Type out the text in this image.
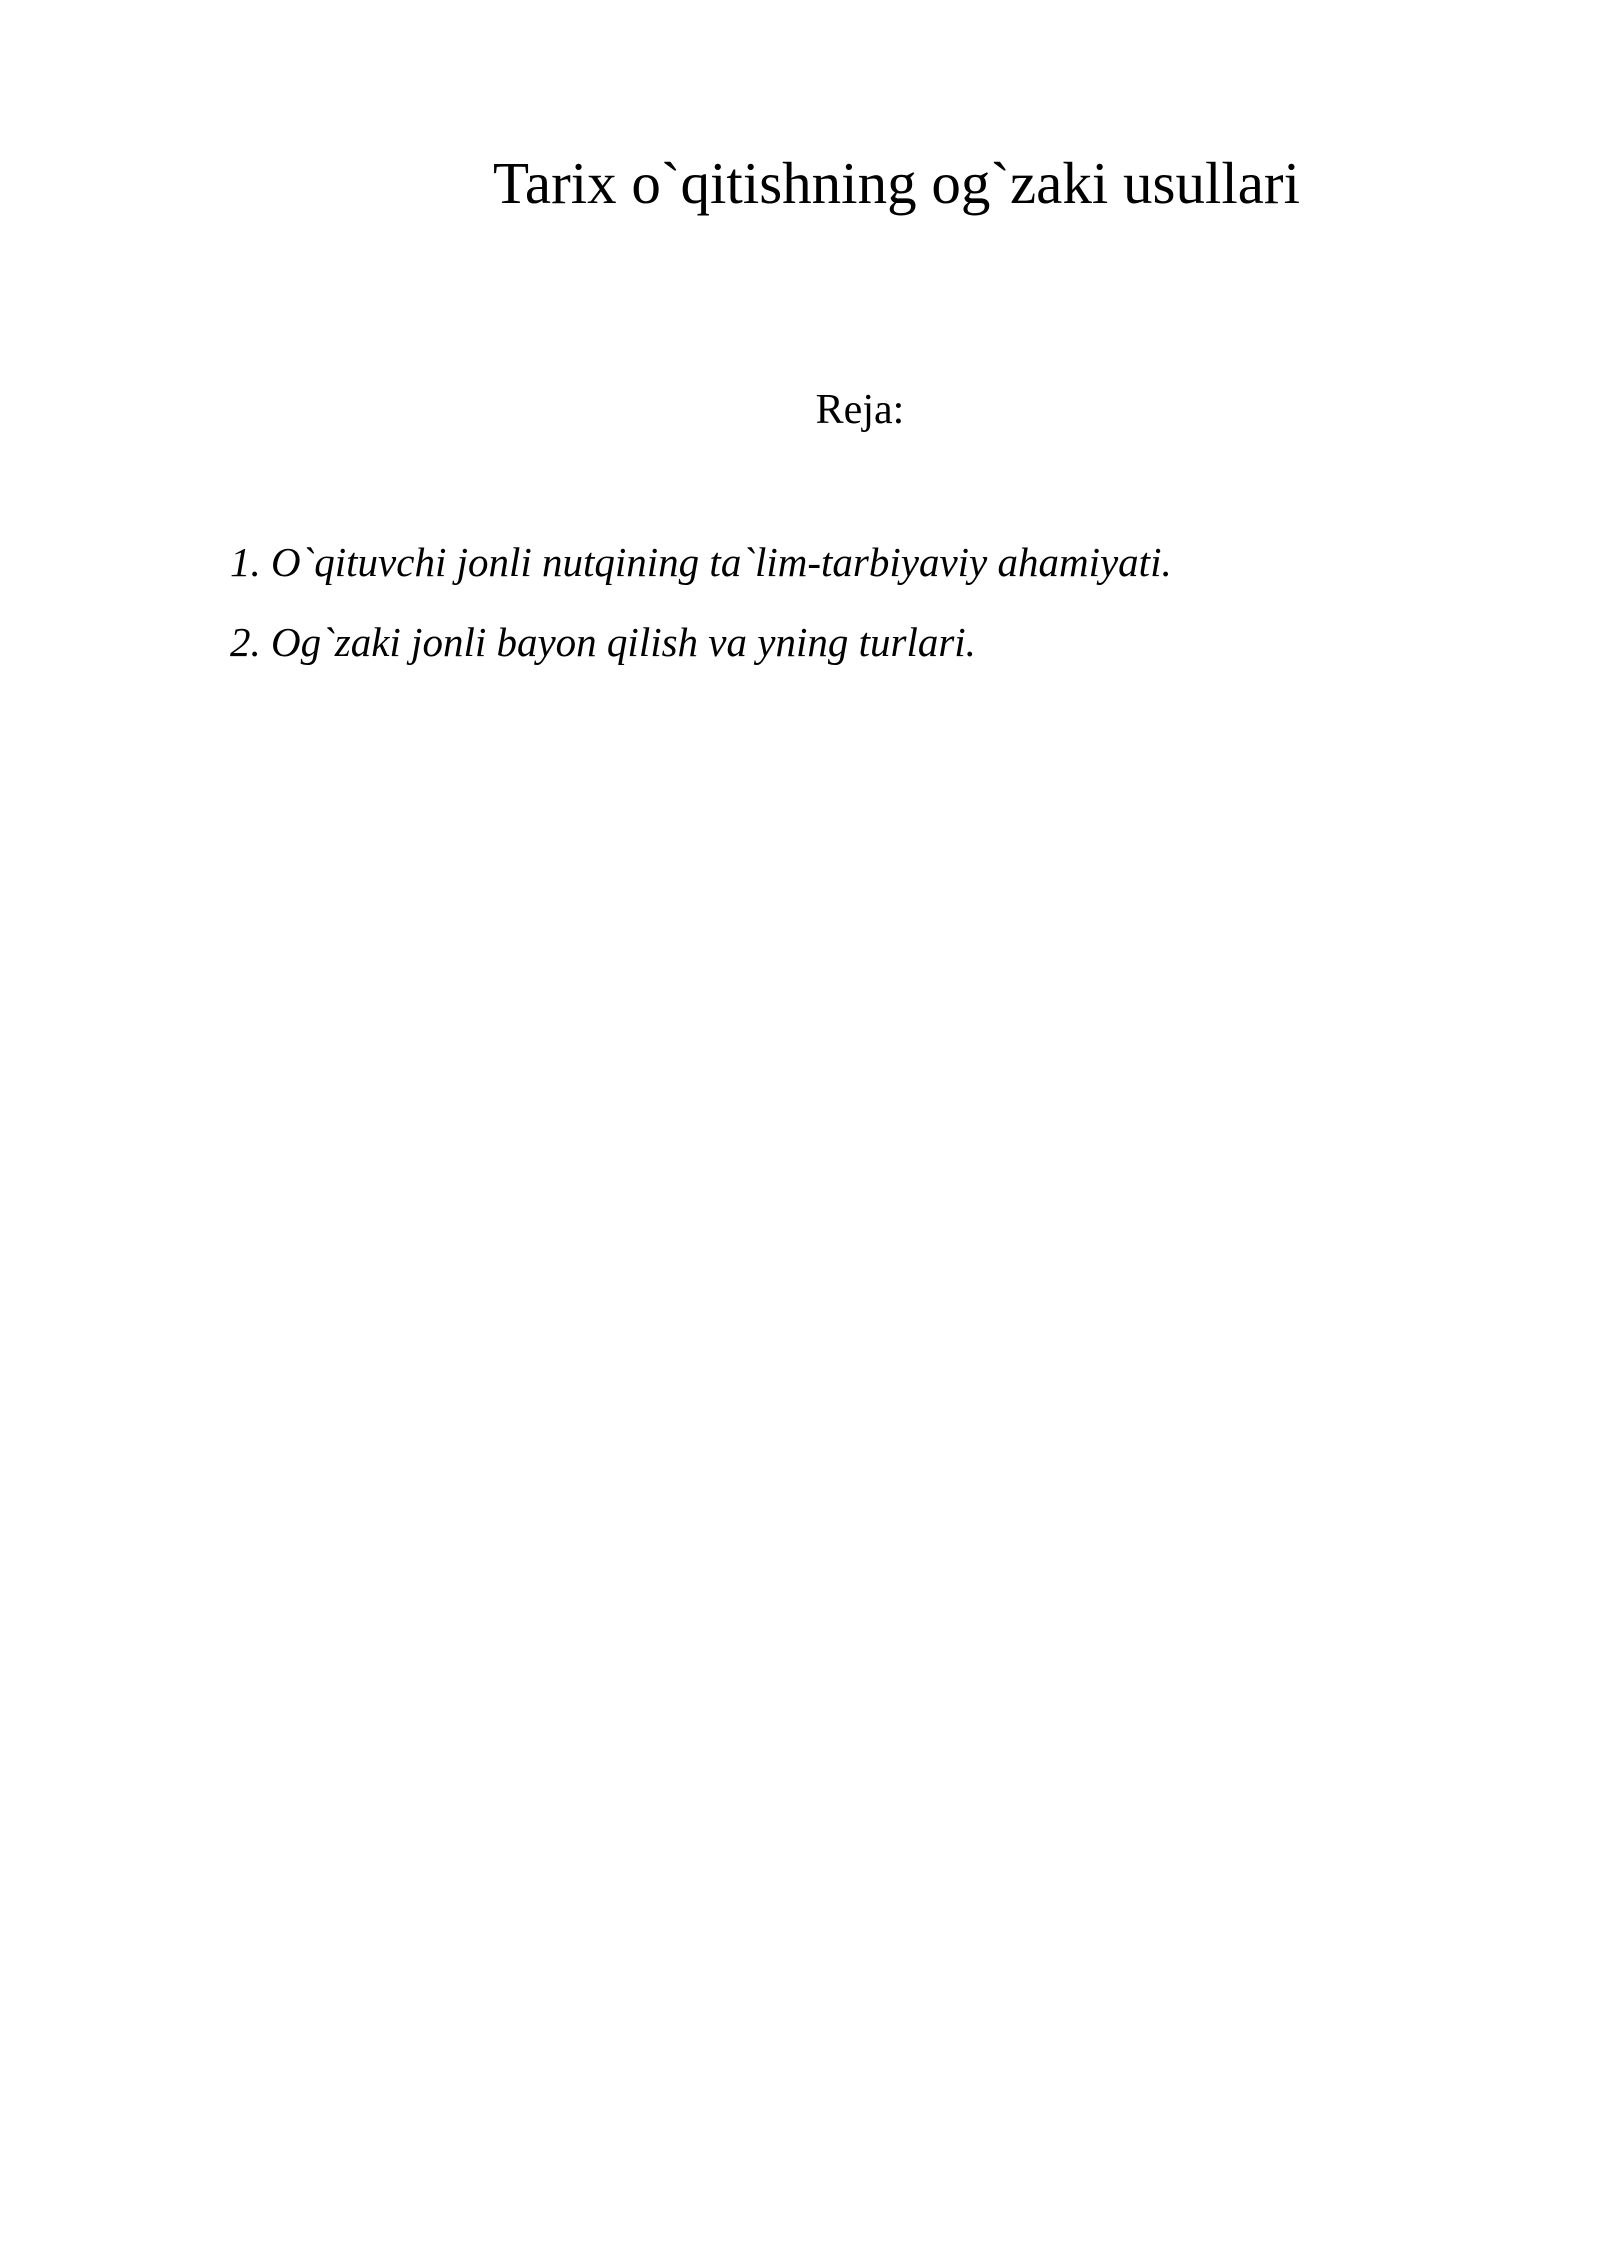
Tarix o`qitishning og`zaki usullari

Reja:

1. O`qituvchi jonli nutqining ta`lim-tarbiyaviy ahamiyati.
2. Og`zaki jonli bayon qilish va yning turlari.
